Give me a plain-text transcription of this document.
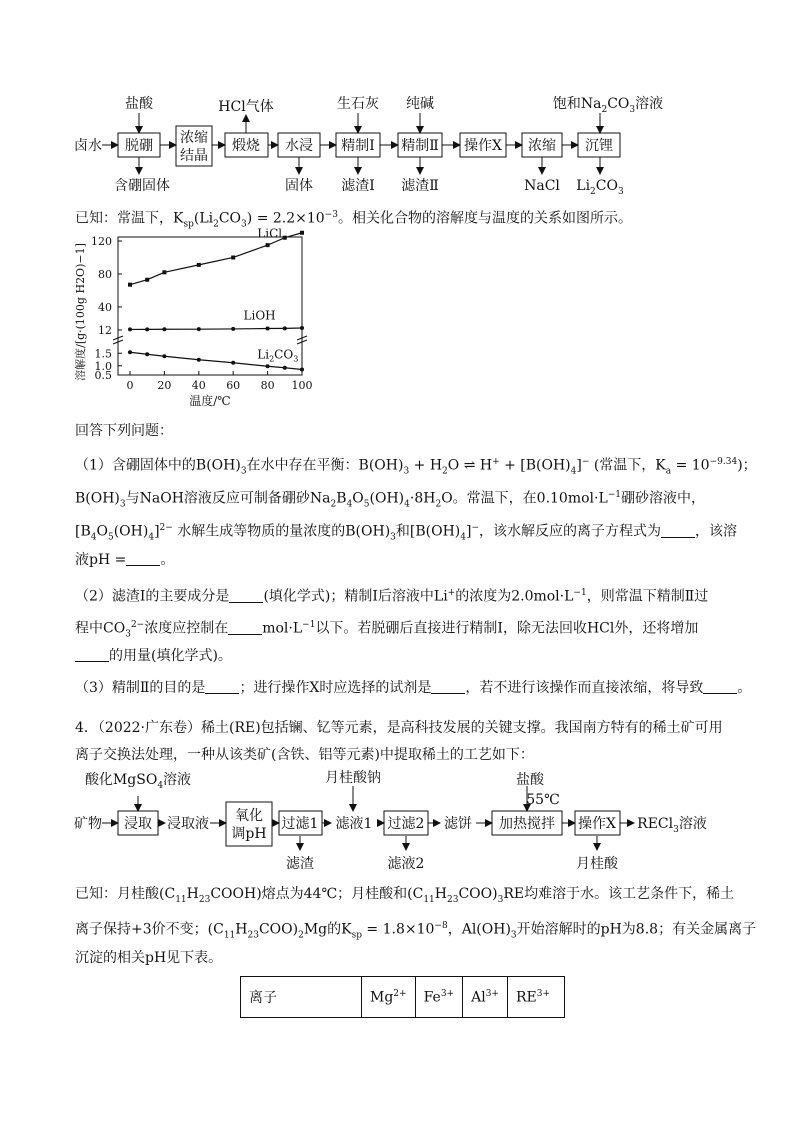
卤水 脱硼 浓缩
结晶
煅烧 水浸 精制Ⅰ 精制Ⅱ 操作X 浓缩 沉锂
盐酸	HCl气体	生石灰 纯碱	饱和$Na_2CO_3$溶液
含硼固体	固体 滤渣Ⅰ 滤渣Ⅱ	NaCl $Li_2CO_3$
已知：常温下，$K_{sp}(Li_2CO_3) = 2.2\times 10^{-3}$。相关化合物的溶解度与温度的关系如图所示。
120
80
40
12
1.5
1.0
0.5
0 20 40 60 80 100
温度/℃
溶解度/[g·(100g H2O)−1]
LiCl
LiOH
$Li_2CO_3$
回答下列问题：
（1）含硼固体中的$B(OH)_3$在水中存在平衡：$B(OH)_3 + H_2O$ ⇌ $H^+ + [B(OH)_4]^-$ (常温下，$K_a = 10^{-9.34}$)；
$B(OH)_3$与NaOH溶液反应可制备硼砂$Na_2B_4O_5(OH)_4\cdot 8H_2O$。常温下，在$0.10mol\cdot L^{-1}$硼砂溶液中，
$[B_4O_5(OH)_4]^{2-}$ 水解生成等物质的量浓度的$B(OH)_3$和$[B(OH)_4]^-$，该水解反应的离子方程式为 ，该溶
液pH = 。
（2）滤渣Ⅰ的主要成分是 (填化学式)；精制Ⅰ后溶液中Li+的浓度为$2.0mol\cdot L^{-1}$，则常温下精制Ⅱ过
程中$CO_3^{2-}$浓度应控制在 $mol\cdot L^{-1}$以下。若脱硼后直接进行精制Ⅰ，除无法回收HCl外，还将增加
的用量(填化学式)。
（3）精制Ⅱ的目的是 ；进行操作X时应选择的试剂是 ，若不进行该操作而直接浓缩，将导致 。
4．（2022·广东卷）稀土(RE)包括镧、钇等元素，是高科技发展的关键支撑。我国南方特有的稀土矿可用
离子交换法处理，一种从该类矿(含铁、铝等元素)中提取稀土的工艺如下：
酸化MgSO$_4$溶液	月桂酸钠	盐酸
55℃
矿物 浸取 浸取液 氧化
调pH
过滤1 滤液1 过滤2 滤饼 加热搅拌 操作X RECl$_3$溶液
滤渣	滤液2	月桂酸
已知：月桂酸$(C_{11}H_{23}COOH)$熔点为44℃；月桂酸和$(C_{11}H_{23}COO)_3RE$均难溶于水。该工艺条件下，稀土
离子保持+3价不变；$(C_{11}H_{23}COO)_2Mg$的$K_{sp} = 1.8\times 10^{-8}$，$Al(OH)_3$开始溶解时的pH为8.8；有关金属离子
沉淀的相关pH见下表。
离子	$Mg^{2+}$	$Fe^{3+}$	$Al^{3+}$	$RE^{3+}$
